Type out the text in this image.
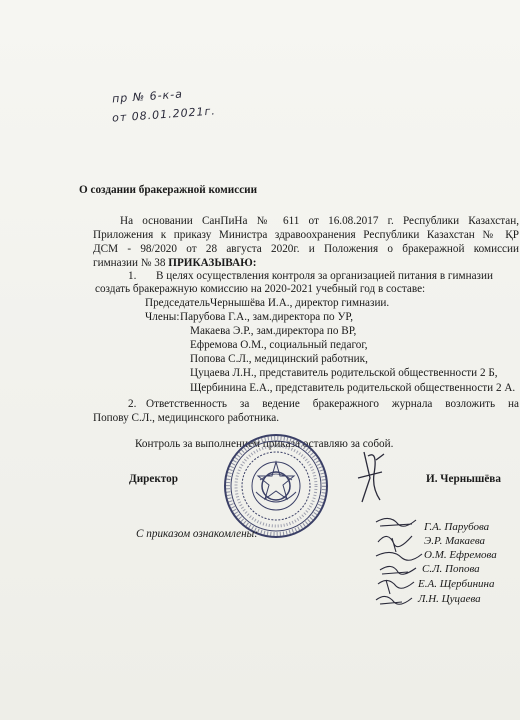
пр № 6-к-а
от 08.01.2021г.
О создании бракеражной комиссии
На основании СанПиНа № 611 от 16.08.2017 г. Республики Казахстан,
Приложения к приказу Министра здравоохранения Республики Казахстан № ҚР
ДСМ - 98/2020 от 28 августа 2020г. и Положения о бракеражной комиссии
гимназии № 38 ПРИКАЗЫВАЮ:
1. В целях осуществления контроля за организацией питания в гимназии
создать бракеражную комиссию на 2020-2021 учебный год в составе:
ПредседательЧернышёва И.А., директор гимназии.
Члены: Парубова Г.А., зам.директора по УР,
Макаева Э.Р., зам.директора по ВР,
Ефремова О.М., социальный педагог,
Попова С.Л., медицинский работник,
Цуцаева Л.Н., представитель родительской общественности 2 Б,
Щербинина Е.А., представитель родительской общественности 2 А.
2. Ответственность за ведение бракеражного журнала возложить на
Попову С.Л., медицинского работника.
Контроль за выполнением приказа оставляю за собой.
Директор	И. Чернышёва
С приказом ознакомлены:
Г.А. Парубова
Э.Р. Макаева
О.М. Ефремова
С.Л. Попова
Е.А. Щербинина
Л.Н. Цуцаева
